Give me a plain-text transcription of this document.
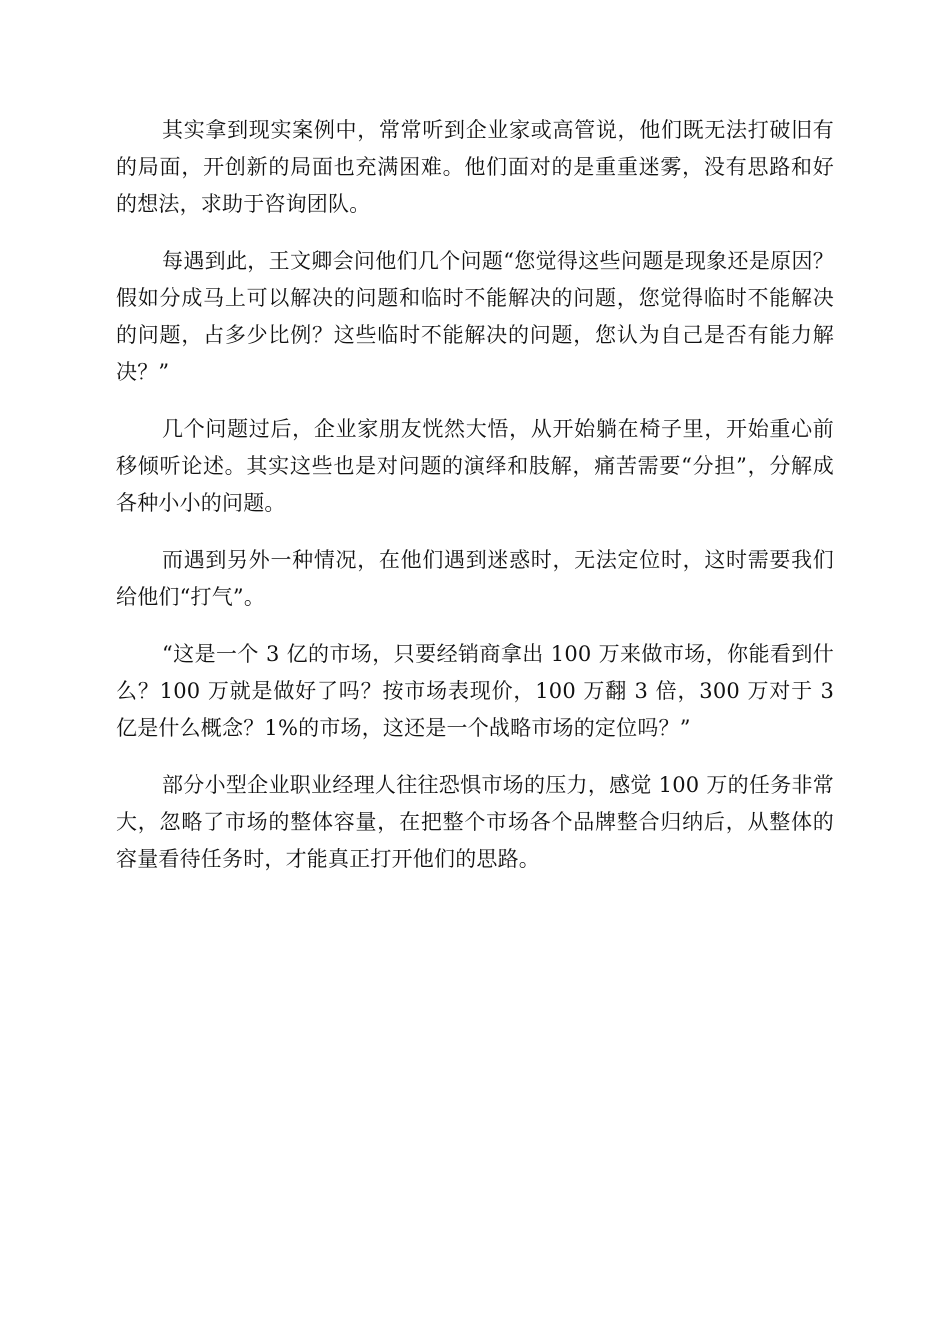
其实拿到现实案例中，常常听到企业家或高管说，他们既无法打破旧有的局面，开创新的局面也充满困难。他们面对的是重重迷雾，没有思路和好的想法，求助于咨询团队。

每遇到此，王文卿会问他们几个问题“您觉得这些问题是现象还是原因？假如分成马上可以解决的问题和临时不能解决的问题，您觉得临时不能解决的问题，占多少比例？这些临时不能解决的问题，您认为自己是否有能力解决？”

几个问题过后，企业家朋友恍然大悟，从开始躺在椅子里，开始重心前移倾听论述。其实这些也是对问题的演绎和肢解，痛苦需要“分担”，分解成各种小小的问题。

而遇到另外一种情况，在他们遇到迷惑时，无法定位时，这时需要我们给他们“打气”。

“这是一个 3 亿的市场，只要经销商拿出 100 万来做市场，你能看到什么？100 万就是做好了吗？按市场表现价，100 万翻 3 倍，300 万对于 3 亿是什么概念？1%的市场，这还是一个战略市场的定位吗？”

部分小型企业职业经理人往往恐惧市场的压力，感觉 100 万的任务非常大，忽略了市场的整体容量，在把整个市场各个品牌整合归纳后，从整体的容量看待任务时，才能真正打开他们的思路。
